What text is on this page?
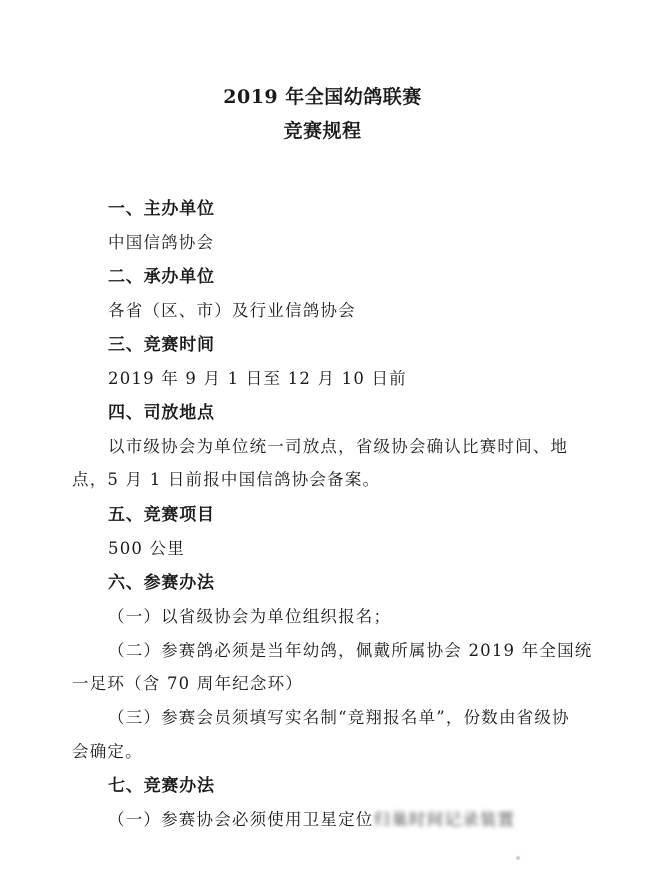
2019 年全国幼鸽联赛
竞赛规程
一、主办单位
中国信鸽协会
二、承办单位
各省（区、市）及行业信鸽协会
三、竞赛时间
2019 年 9 月 1 日至 12 月 10 日前
四、司放地点
以市级协会为单位统一司放点，省级协会确认比赛时间、地
点，5 月 1 日前报中国信鸽协会备案。
五、竞赛项目
500 公里
六、参赛办法
（一）以省级协会为单位组织报名；
（二）参赛鸽必须是当年幼鸽，佩戴所属协会 2019 年全国统
一足环（含 70 周年纪念环）
（三）参赛会员须填写实名制“竞翔报名单”，份数由省级协
会确定。
七、竞赛办法
（一）参赛协会必须使用卫星定位归巢时间记录装置
